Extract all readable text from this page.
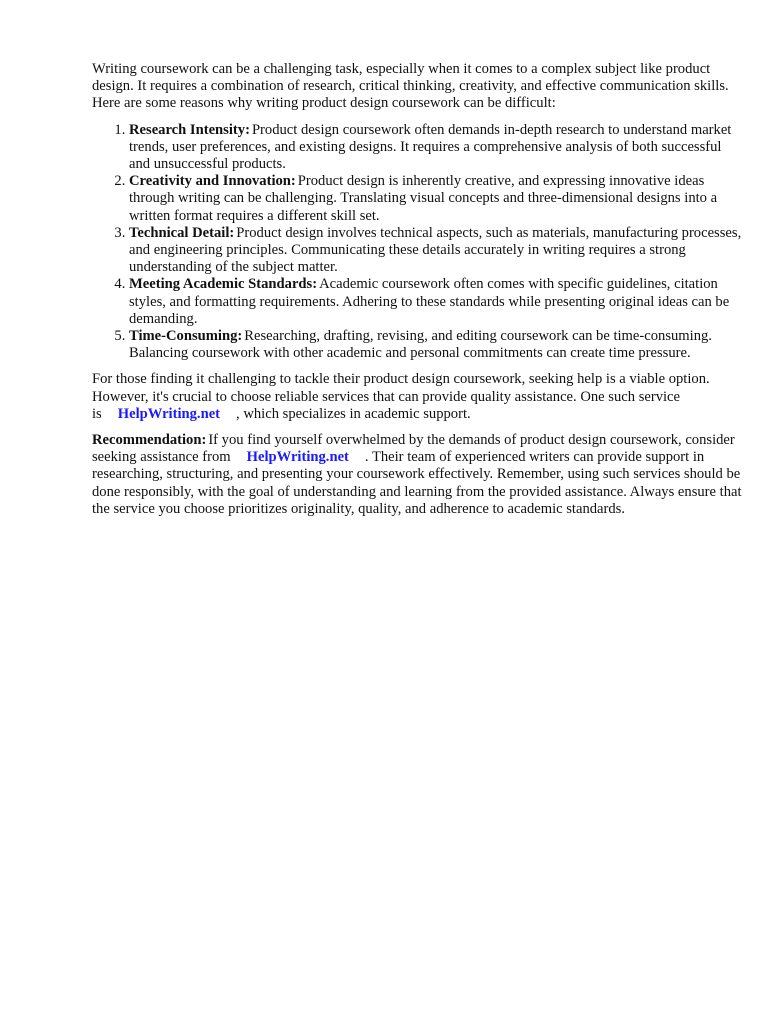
Writing coursework can be a challenging task, especially when it comes to a complex subject like product design. It requires a combination of research, critical thinking, creativity, and effective communication skills. Here are some reasons why writing product design coursework can be difficult:

1. Research Intensity: Product design coursework often demands in-depth research to understand market trends, user preferences, and existing designs. It requires a comprehensive analysis of both successful and unsuccessful products.
2. Creativity and Innovation: Product design is inherently creative, and expressing innovative ideas through writing can be challenging. Translating visual concepts and three-dimensional designs into a written format requires a different skill set.
3. Technical Detail: Product design involves technical aspects, such as materials, manufacturing processes, and engineering principles. Communicating these details accurately in writing requires a strong understanding of the subject matter.
4. Meeting Academic Standards: Academic coursework often comes with specific guidelines, citation styles, and formatting requirements. Adhering to these standards while presenting original ideas can be demanding.
5. Time-Consuming: Researching, drafting, revising, and editing coursework can be time-consuming. Balancing coursework with other academic and personal commitments can create time pressure.

For those finding it challenging to tackle their product design coursework, seeking help is a viable option. However, it's crucial to choose reliable services that can provide quality assistance. One such service is HelpWriting.net , which specializes in academic support.

Recommendation: If you find yourself overwhelmed by the demands of product design coursework, consider seeking assistance from HelpWriting.net . Their team of experienced writers can provide support in researching, structuring, and presenting your coursework effectively. Remember, using such services should be done responsibly, with the goal of understanding and learning from the provided assistance. Always ensure that the service you choose prioritizes originality, quality, and adherence to academic standards.
